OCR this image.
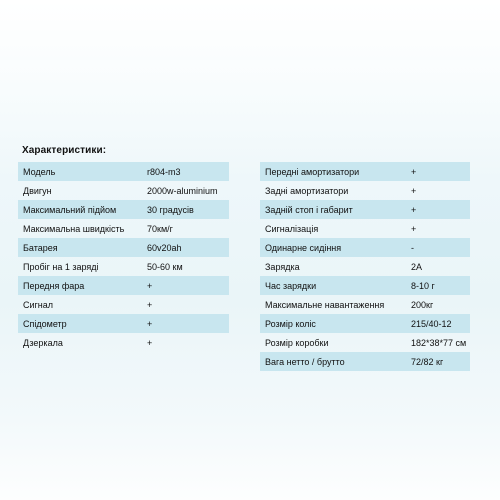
Характеристики:
Модель	r804-m3
Двигун	2000w-aluminium
Максимальний підйом	30 градусів
Максимальна швидкість	70км/г
Батарея	60v20ah
Пробіг на 1 заряді	50-60 км
Передня фара	+
Сигнал	+
Спідометр	+
Дзеркала	+
Передні амортизатори	+
Задні амортизатори	+
Задній стоп і габарит	+
Сигналізація	+
Одинарне сидіння	-
Зарядка	2A
Час зарядки	8-10 г
Максимальне навантаження	200кг
Розмір коліс	215/40-12
Розмір коробки	182*38*77 см
Вага нетто / брутто	72/82 кг
